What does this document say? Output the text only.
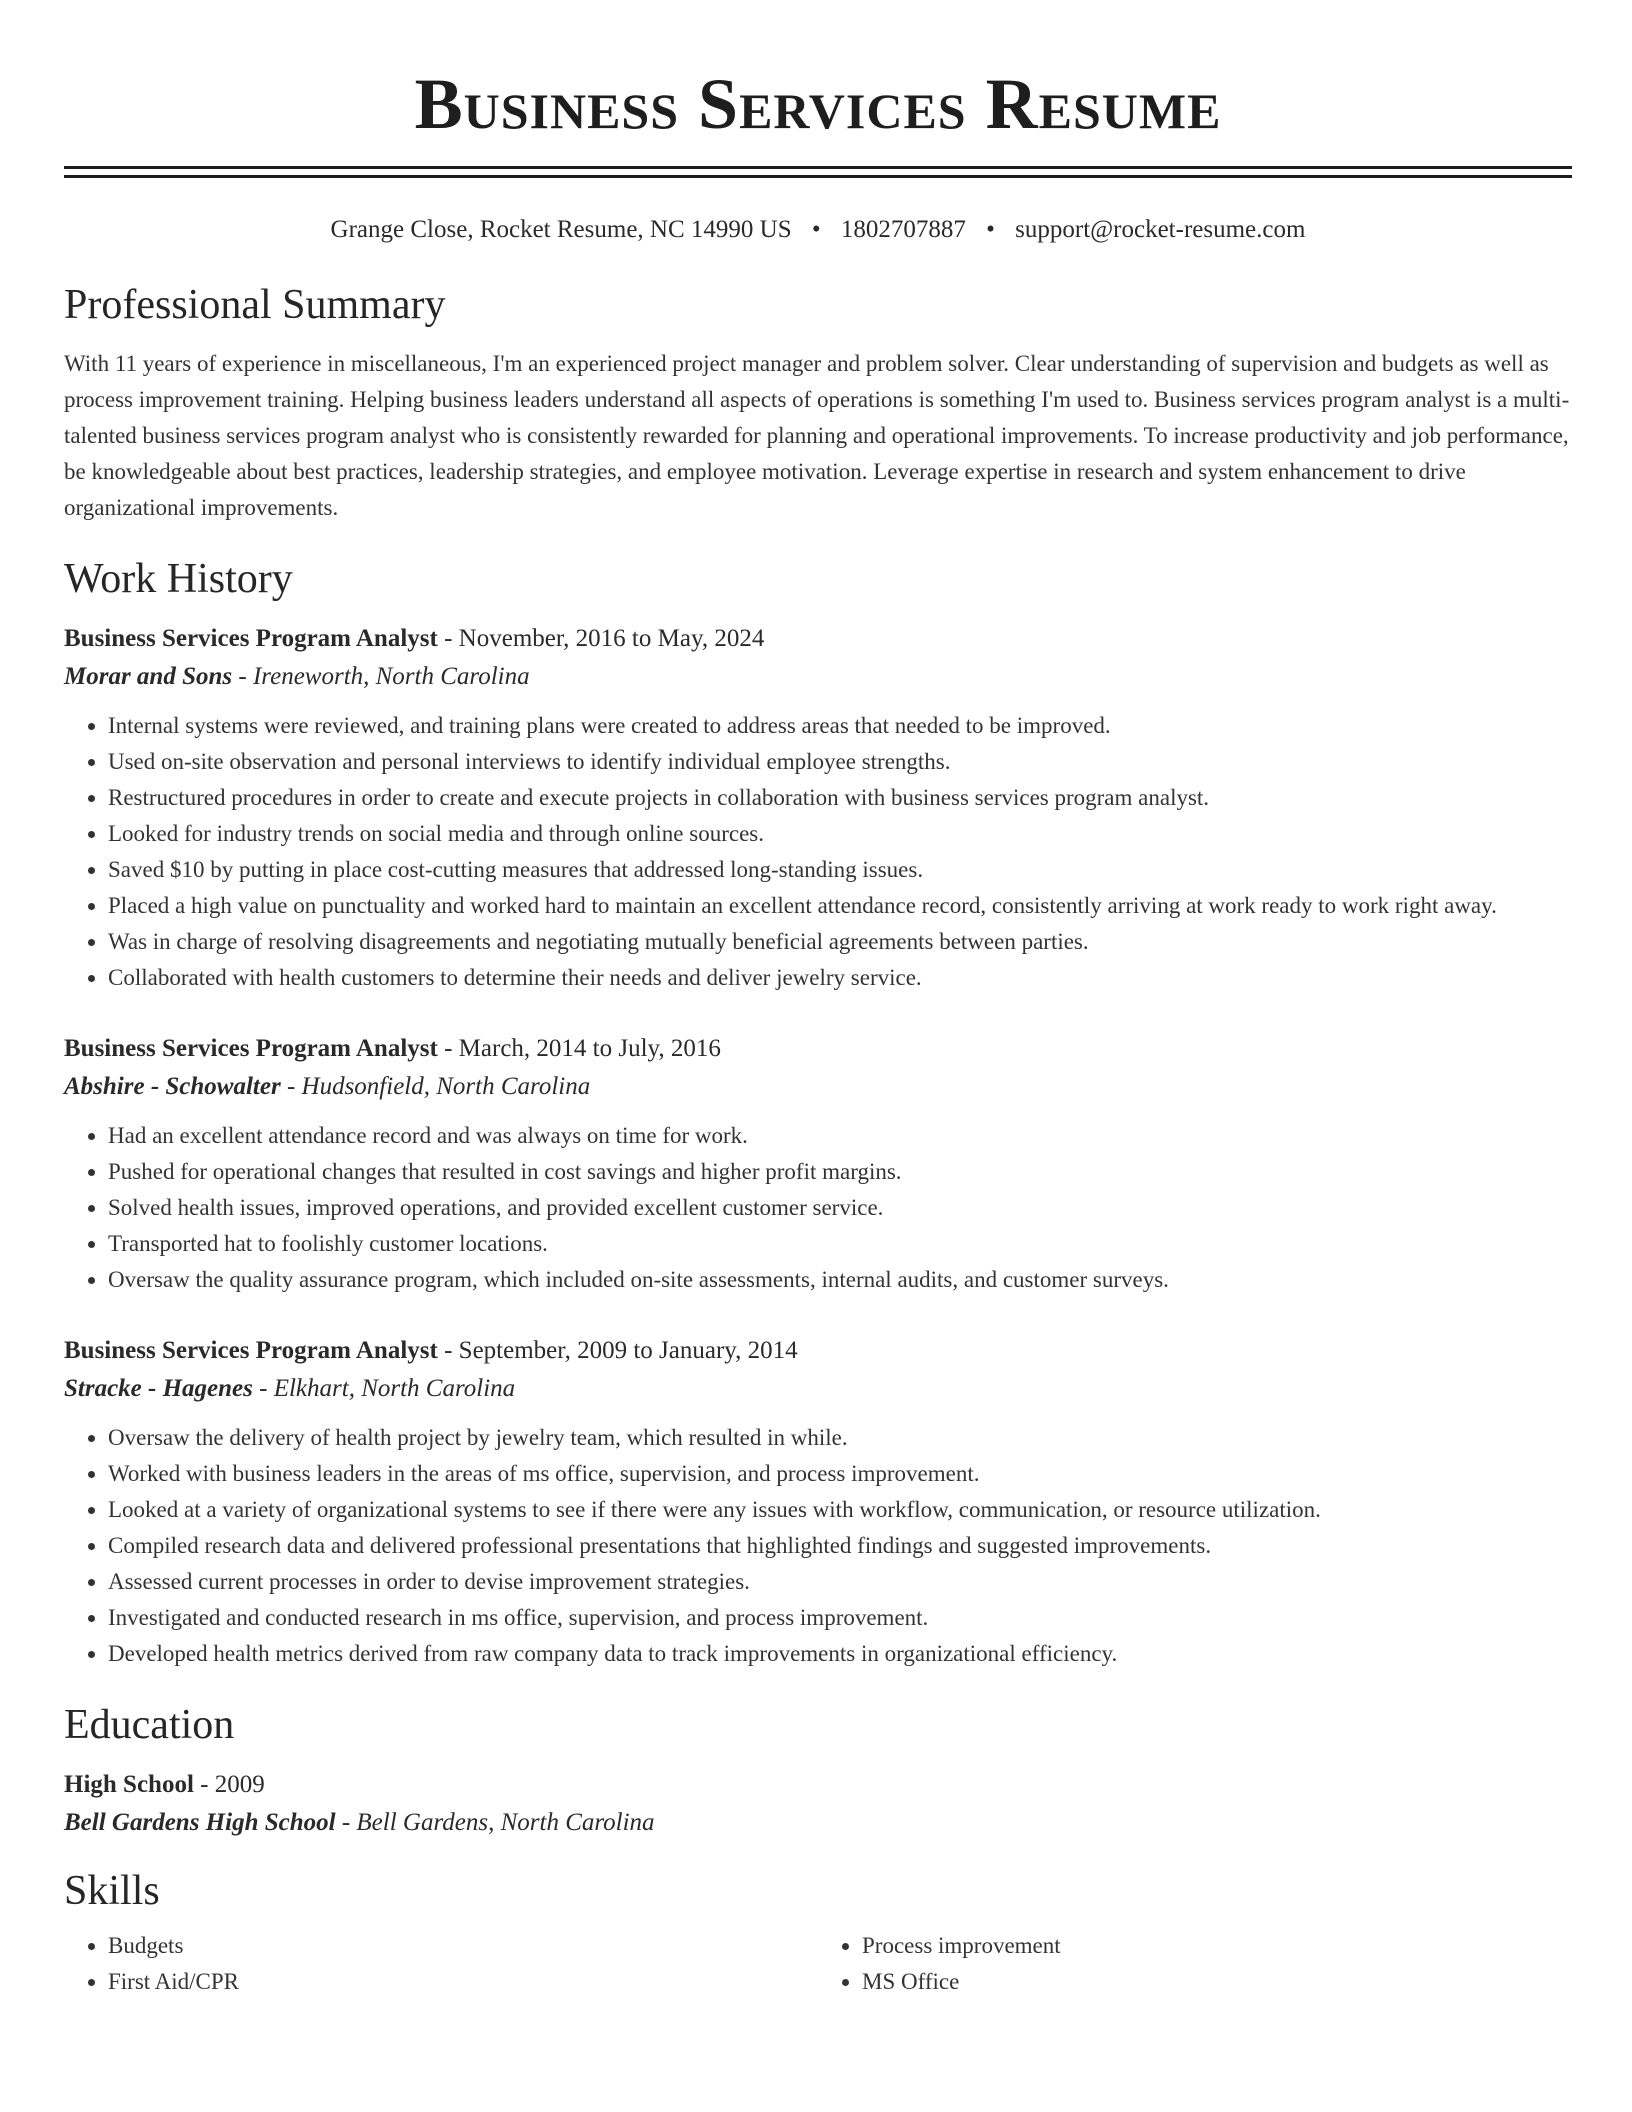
Business Services Resume
Grange Close, Rocket Resume, NC 14990 US • 1802707887 • support@rocket-resume.com
Professional Summary

With 11 years of experience in miscellaneous, I'm an experienced project manager and problem solver. Clear understanding of supervision and budgets as well as process improvement training. Helping business leaders understand all aspects of operations is something I'm used to. Business services program analyst is a multi-talented business services program analyst who is consistently rewarded for planning and operational improvements. To increase productivity and job performance, be knowledgeable about best practices, leadership strategies, and employee motivation. Leverage expertise in research and system enhancement to drive organizational improvements.

Work History
Business Services Program Analyst - November, 2016 to May, 2024
Morar and Sons - Ireneworth, North Carolina
• Internal systems were reviewed, and training plans were created to address areas that needed to be improved.
• Used on-site observation and personal interviews to identify individual employee strengths.
• Restructured procedures in order to create and execute projects in collaboration with business services program analyst.
• Looked for industry trends on social media and through online sources.
• Saved $10 by putting in place cost-cutting measures that addressed long-standing issues.
• Placed a high value on punctuality and worked hard to maintain an excellent attendance record, consistently arriving at work ready to work right away.
• Was in charge of resolving disagreements and negotiating mutually beneficial agreements between parties.
• Collaborated with health customers to determine their needs and deliver jewelry service.
Business Services Program Analyst - March, 2014 to July, 2016
Abshire - Schowalter - Hudsonfield, North Carolina
• Had an excellent attendance record and was always on time for work.
• Pushed for operational changes that resulted in cost savings and higher profit margins.
• Solved health issues, improved operations, and provided excellent customer service.
• Transported hat to foolishly customer locations.
• Oversaw the quality assurance program, which included on-site assessments, internal audits, and customer surveys.
Business Services Program Analyst - September, 2009 to January, 2014
Stracke - Hagenes - Elkhart, North Carolina
• Oversaw the delivery of health project by jewelry team, which resulted in while.
• Worked with business leaders in the areas of ms office, supervision, and process improvement.
• Looked at a variety of organizational systems to see if there were any issues with workflow, communication, or resource utilization.
• Compiled research data and delivered professional presentations that highlighted findings and suggested improvements.
• Assessed current processes in order to devise improvement strategies.
• Investigated and conducted research in ms office, supervision, and process improvement.
• Developed health metrics derived from raw company data to track improvements in organizational efficiency.
Education
High School - 2009
Bell Gardens High School - Bell Gardens, North Carolina
Skills
• Budgets
• First Aid/CPR
• Process improvement
• MS Office
